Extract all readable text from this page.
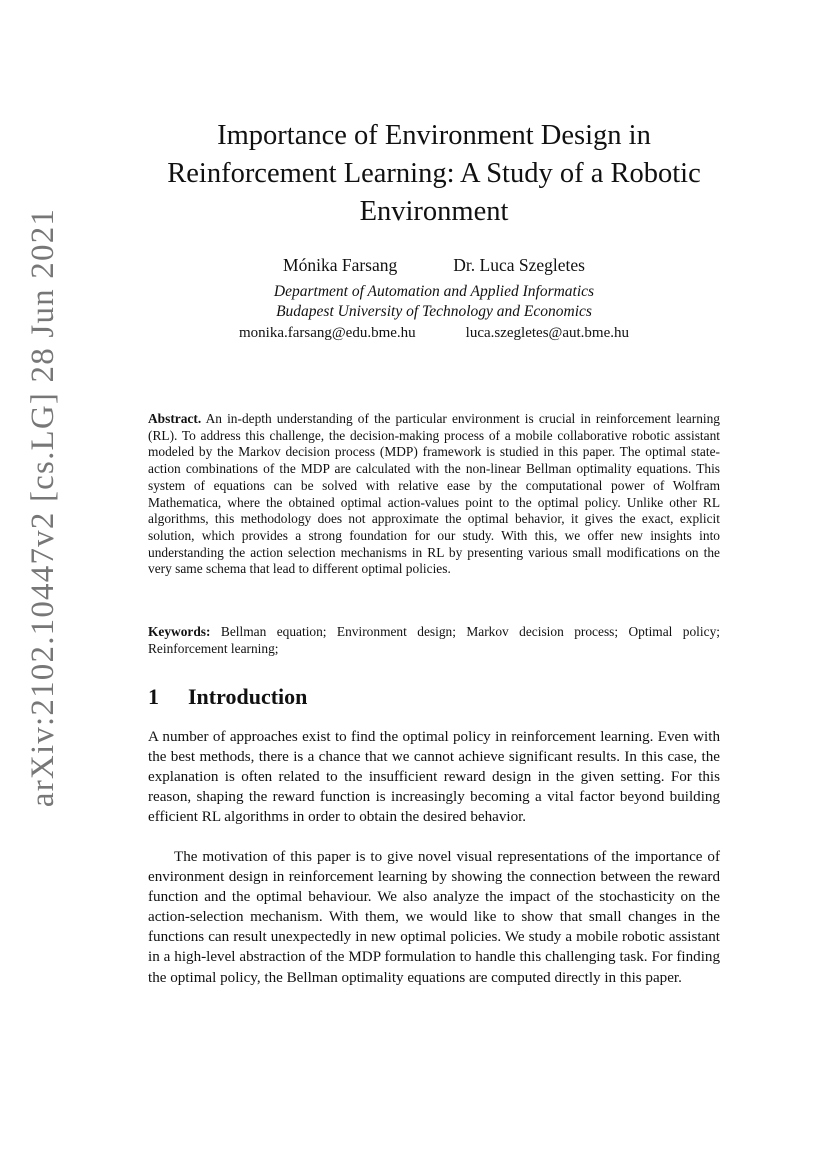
arXiv:2102.10447v2 [cs.LG] 28 Jun 2021
Importance of Environment Design in Reinforcement Learning: A Study of a Robotic Environment
Mónika Farsang	Dr. Luca Szegletes
Department of Automation and Applied Informatics
Budapest University of Technology and Economics
monika.farsang@edu.bme.hu	luca.szegletes@aut.bme.hu

Abstract. An in-depth understanding of the particular environment is crucial in reinforcement learning (RL). To address this challenge, the decision-making process of a mobile collaborative robotic assistant modeled by the Markov decision process (MDP) framework is studied in this paper. The optimal state-action combinations of the MDP are calculated with the non-linear Bellman optimality equations. This system of equations can be solved with relative ease by the computational power of Wolfram Mathematica, where the obtained optimal action-values point to the optimal policy. Unlike other RL algorithms, this methodology does not approximate the optimal behavior, it gives the exact, explicit solution, which provides a strong foundation for our study. With this, we offer new insights into understanding the action selection mechanisms in RL by presenting various small modifications on the very same schema that lead to different optimal policies.

Keywords: Bellman equation; Environment design; Markov decision process; Optimal policy; Reinforcement learning;

1 Introduction

A number of approaches exist to find the optimal policy in reinforcement learning. Even with the best methods, there is a chance that we cannot achieve significant results. In this case, the explanation is often related to the insufficient reward design in the given setting. For this reason, shaping the reward function is increasingly becoming a vital factor beyond building efficient RL algorithms in order to obtain the desired behavior.

The motivation of this paper is to give novel visual representations of the importance of environment design in reinforcement learning by showing the connection between the reward function and the optimal behaviour. We also analyze the impact of the stochasticity on the action-selection mechanism. With them, we would like to show that small changes in the functions can result unexpectedly in new optimal policies. We study a mobile robotic assistant in a high-level abstraction of the MDP formulation to handle this challenging task. For finding the optimal policy, the Bellman optimality equations are computed directly in this paper.
